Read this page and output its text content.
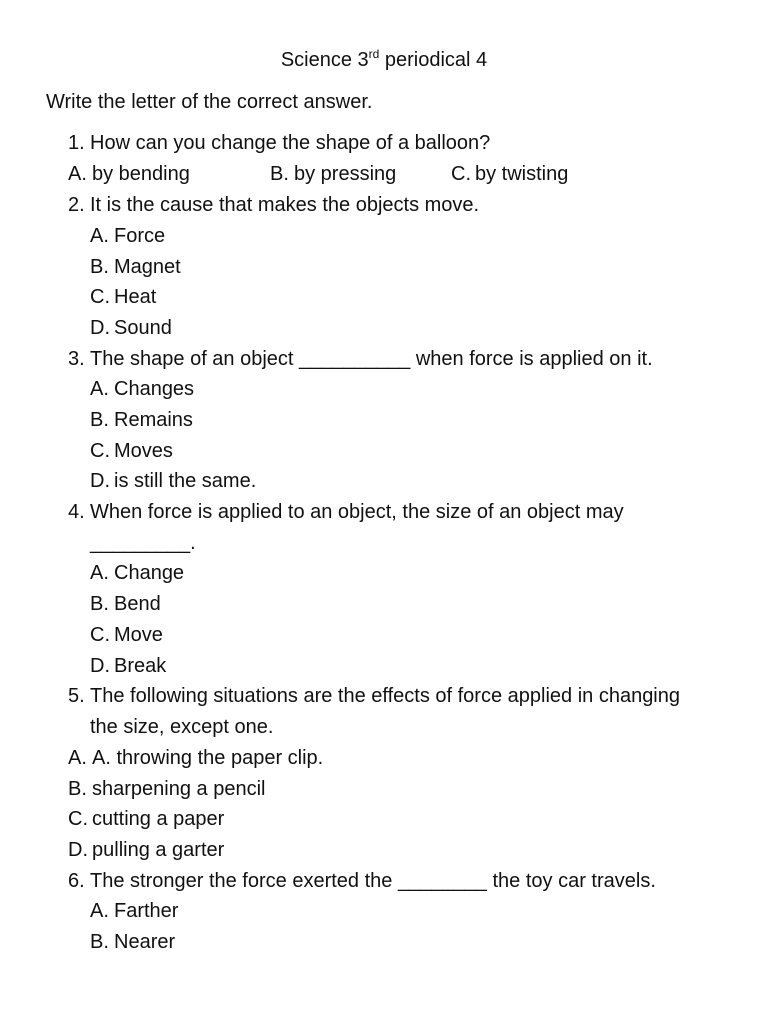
Science 3rd periodical 4
Write the letter of the correct answer.
1. How can you change the shape of a balloon?
A. by bending	B. by pressing	C. by twisting
2. It is the cause that makes the objects move.
A. Force
B. Magnet
C. Heat
D. Sound
3. The shape of an object __________ when force is applied on it.
A. Changes
B. Remains
C. Moves
D. is still the same.
4. When force is applied to an object, the size of an object may
_________.
A. Change
B. Bend
C. Move
D. Break
5. The following situations are the effects of force applied in changing
the size, except one.
A. A. throwing the paper clip.
B. sharpening a pencil
C. cutting a paper
D. pulling a garter
6. The stronger the force exerted the ________ the toy car travels.
A. Farther
B. Nearer
